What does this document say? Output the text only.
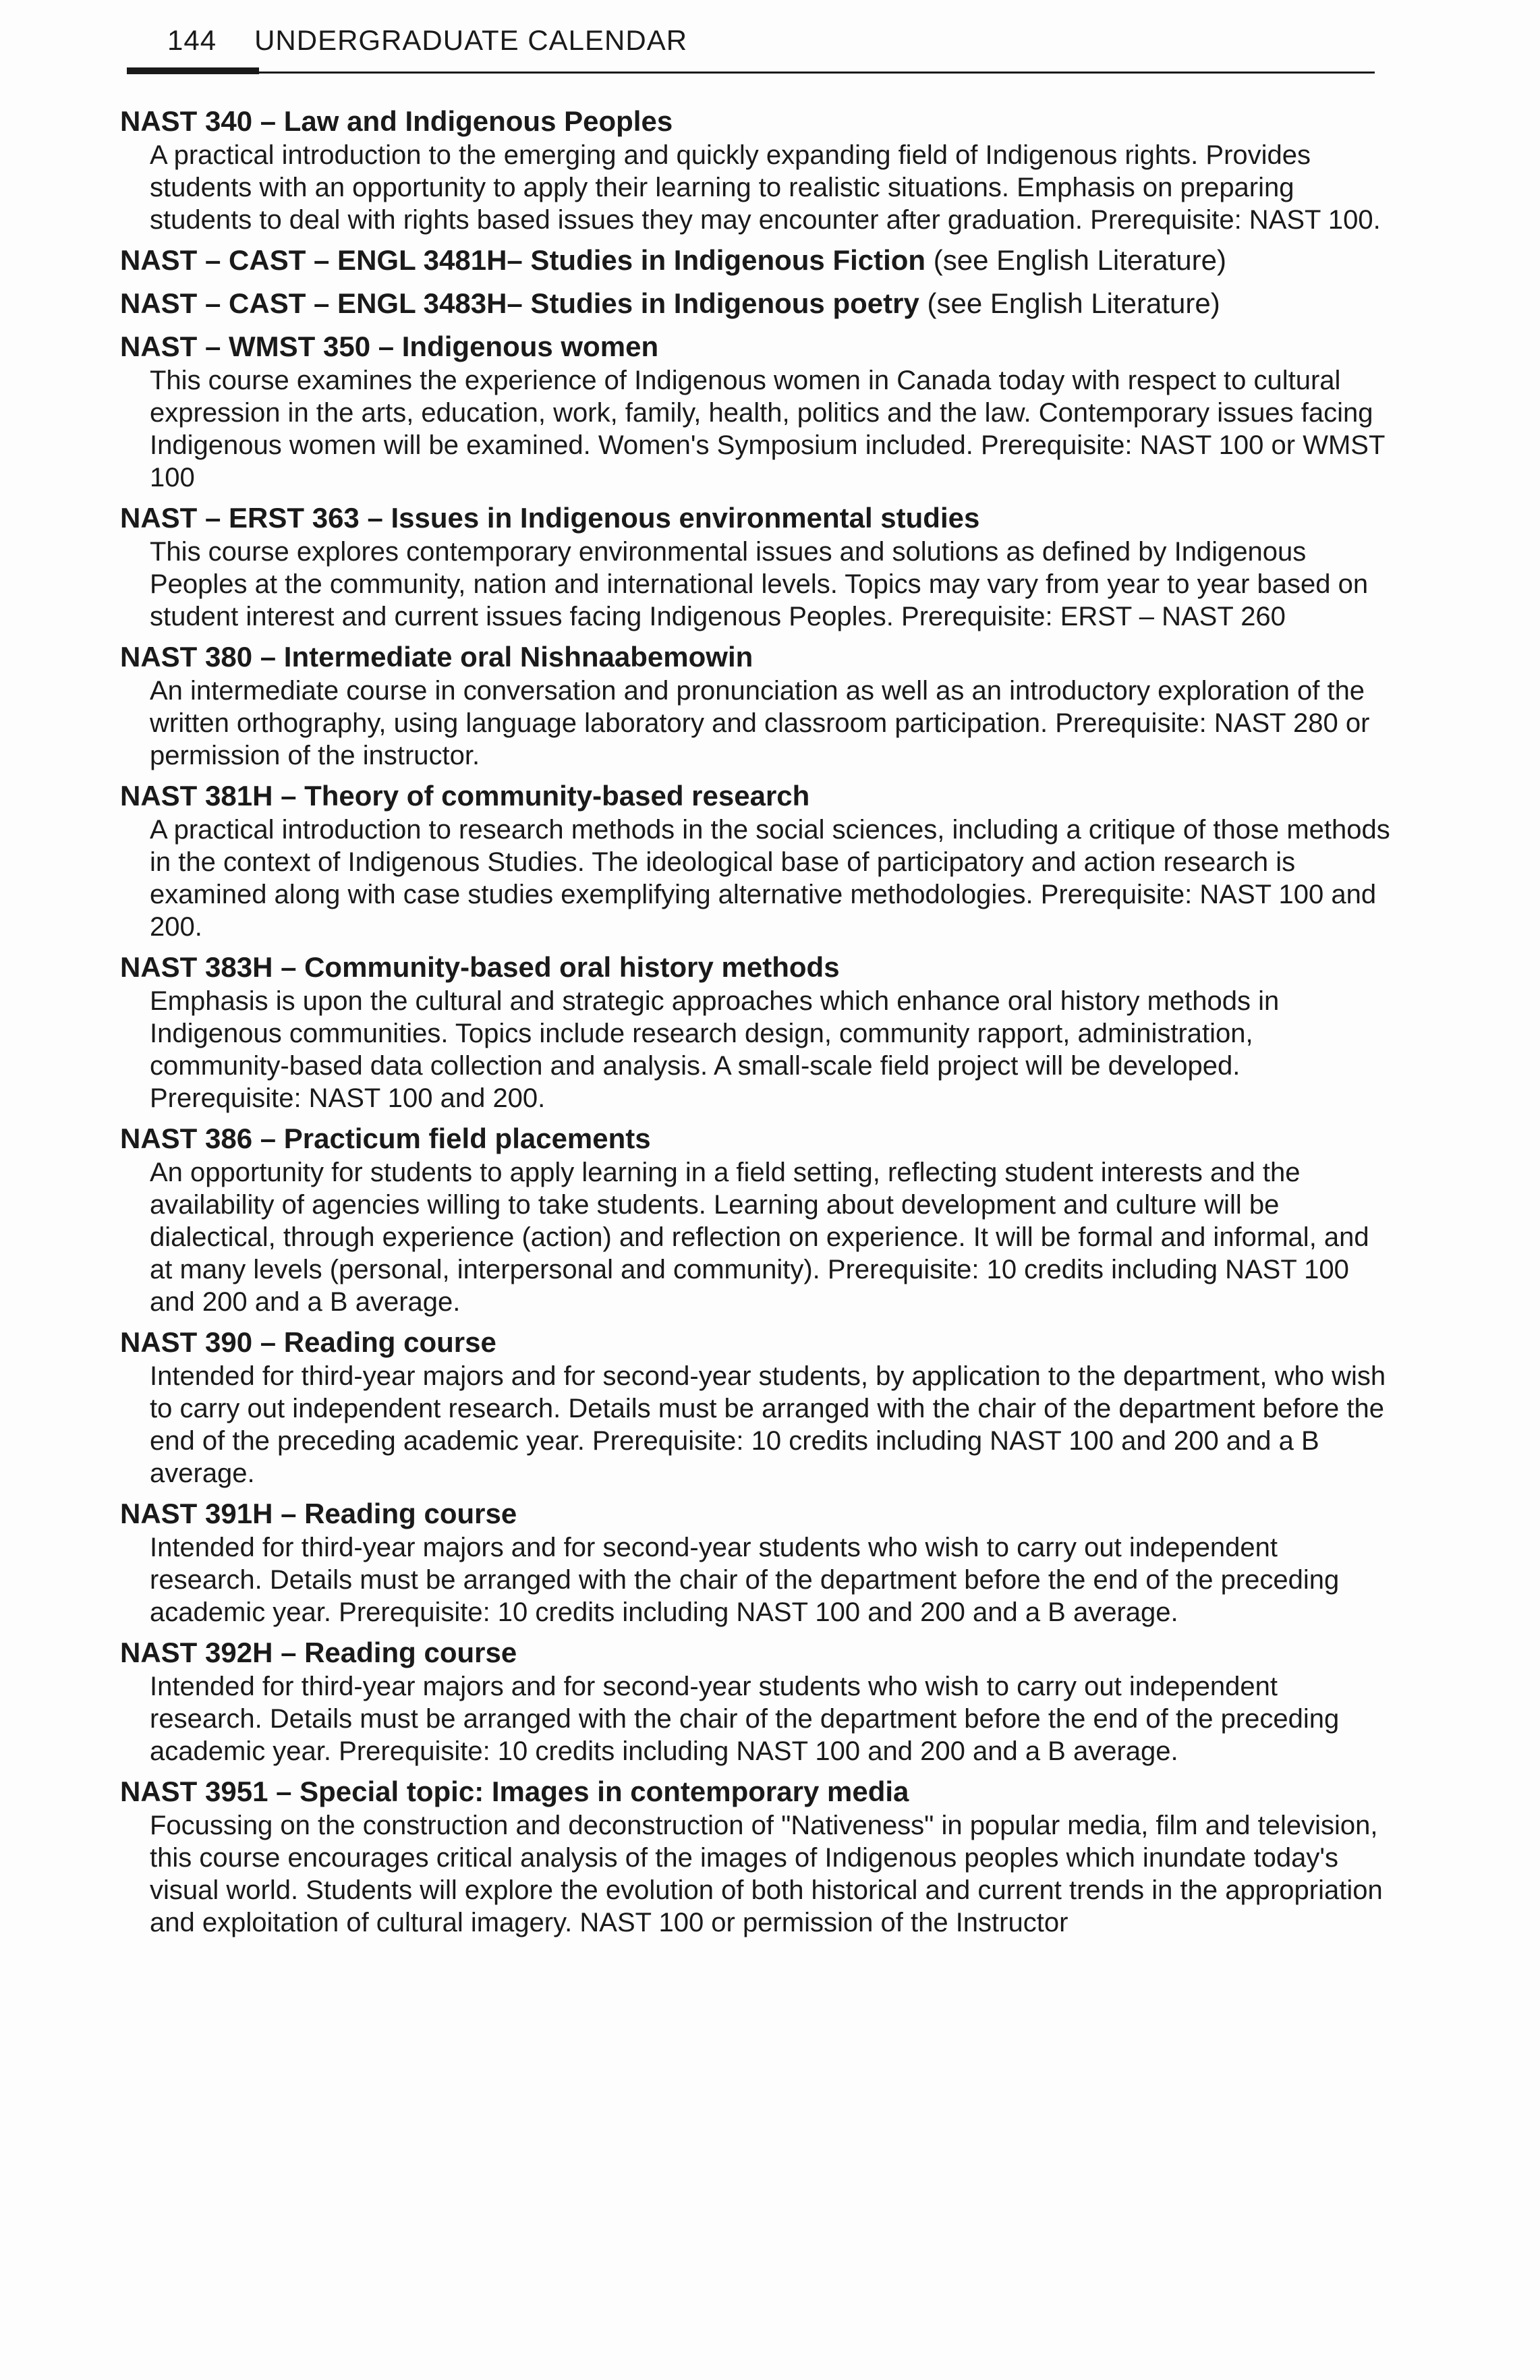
144 UNDERGRADUATE CALENDAR
NAST 340 – Law and Indigenous Peoples
A practical introduction to the emerging and quickly expanding field of Indigenous rights. Provides students with an opportunity to apply their learning to realistic situations. Emphasis on preparing students to deal with rights based issues they may encounter after graduation. Prerequisite: NAST 100.
NAST – CAST – ENGL 3481H– Studies in Indigenous Fiction (see English Literature)
NAST – CAST – ENGL 3483H– Studies in Indigenous poetry (see English Literature)
NAST – WMST 350 – Indigenous women
This course examines the experience of Indigenous women in Canada today with respect to cultural expression in the arts, education, work, family, health, politics and the law. Contemporary issues facing Indigenous women will be examined. Women's Symposium included. Prerequisite: NAST 100 or WMST 100
NAST – ERST 363 – Issues in Indigenous environmental studies
This course explores contemporary environmental issues and solutions as defined by Indigenous Peoples at the community, nation and international levels. Topics may vary from year to year based on student interest and current issues facing Indigenous Peoples. Prerequisite: ERST – NAST 260
NAST 380 – Intermediate oral Nishnaabemowin
An intermediate course in conversation and pronunciation as well as an introductory exploration of the written orthography, using language laboratory and classroom participation. Prerequisite: NAST 280 or permission of the instructor.
NAST 381H – Theory of community-based research
A practical introduction to research methods in the social sciences, including a critique of those methods in the context of Indigenous Studies. The ideological base of participatory and action research is examined along with case studies exemplifying alternative methodologies. Prerequisite: NAST 100 and 200.
NAST 383H – Community-based oral history methods
Emphasis is upon the cultural and strategic approaches which enhance oral history methods in Indigenous communities. Topics include research design, community rapport, administration, community-based data collection and analysis. A small-scale field project will be developed. Prerequisite: NAST 100 and 200.
NAST 386 – Practicum field placements
An opportunity for students to apply learning in a field setting, reflecting student interests and the availability of agencies willing to take students. Learning about development and culture will be dialectical, through experience (action) and reflection on experience. It will be formal and informal, and at many levels (personal, interpersonal and community). Prerequisite: 10 credits including NAST 100 and 200 and a B average.
NAST 390 – Reading course
Intended for third-year majors and for second-year students, by application to the department, who wish to carry out independent research. Details must be arranged with the chair of the department before the end of the preceding academic year. Prerequisite: 10 credits including NAST 100 and 200 and a B average.
NAST 391H – Reading course
Intended for third-year majors and for second-year students who wish to carry out independent research. Details must be arranged with the chair of the department before the end of the preceding academic year. Prerequisite: 10 credits including NAST 100 and 200 and a B average.
NAST 392H – Reading course
Intended for third-year majors and for second-year students who wish to carry out independent research. Details must be arranged with the chair of the department before the end of the preceding academic year. Prerequisite: 10 credits including NAST 100 and 200 and a B average.
NAST 3951 – Special topic: Images in contemporary media
Focussing on the construction and deconstruction of "Nativeness" in popular media, film and television, this course encourages critical analysis of the images of Indigenous peoples which inundate today's visual world. Students will explore the evolution of both historical and current trends in the appropriation and exploitation of cultural imagery. NAST 100 or permission of the Instructor
